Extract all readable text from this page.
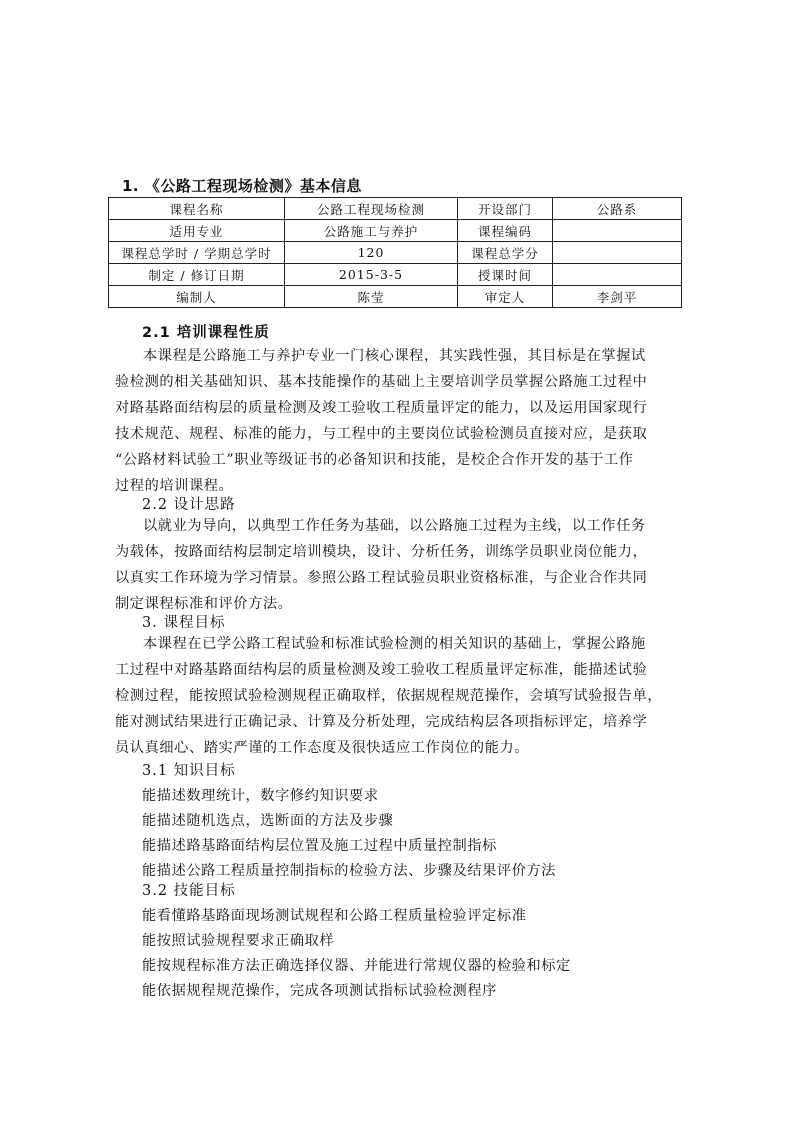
1. 《公路工程现场检测》基本信息
课程名称	公路工程现场检测	开设部门	公路系
适用专业	公路施工与养护	课程编码	
课程总学时 / 学期总学时	120	课程总学分	
制定 / 修订日期	2015-3-5	授课时间	
编制人	陈莹	审定人	李剑平
2.1 培训课程性质
本课程是公路施工与养护专业一门核心课程，其实践性强，其目标是在掌握试
验检测的相关基础知识、基本技能操作的基础上主要培训学员掌握公路施工过程中
对路基路面结构层的质量检测及竣工验收工程质量评定的能力，以及运用国家现行
技术规范、规程、标准的能力，与工程中的主要岗位试验检测员直接对应，是获取
“公路材料试验工”职业等级证书的必备知识和技能，是校企合作开发的基于工作
过程的培训课程。
2.2 设计思路
以就业为导向，以典型工作任务为基础，以公路施工过程为主线，以工作任务
为载体，按路面结构层制定培训模块，设计、分析任务，训练学员职业岗位能力，
以真实工作环境为学习情景。参照公路工程试验员职业资格标准，与企业合作共同
制定课程标准和评价方法。
3. 课程目标
本课程在已学公路工程试验和标准试验检测的相关知识的基础上，掌握公路施
工过程中对路基路面结构层的质量检测及竣工验收工程质量评定标准，能描述试验
检测过程，能按照试验检测规程正确取样，依据规程规范操作，会填写试验报告单，
能对测试结果进行正确记录、计算及分析处理，完成结构层各项指标评定，培养学
员认真细心、踏实严谨的工作态度及很快适应工作岗位的能力。
3.1 知识目标
能描述数理统计，数字修约知识要求
能描述随机选点，选断面的方法及步骤
能描述路基路面结构层位置及施工过程中质量控制指标
能描述公路工程质量控制指标的检验方法、步骤及结果评价方法
3.2 技能目标
能看懂路基路面现场测试规程和公路工程质量检验评定标准
能按照试验规程要求正确取样
能按规程标准方法正确选择仪器、并能进行常规仪器的检验和标定
能依据规程规范操作，完成各项测试指标试验检测程序
